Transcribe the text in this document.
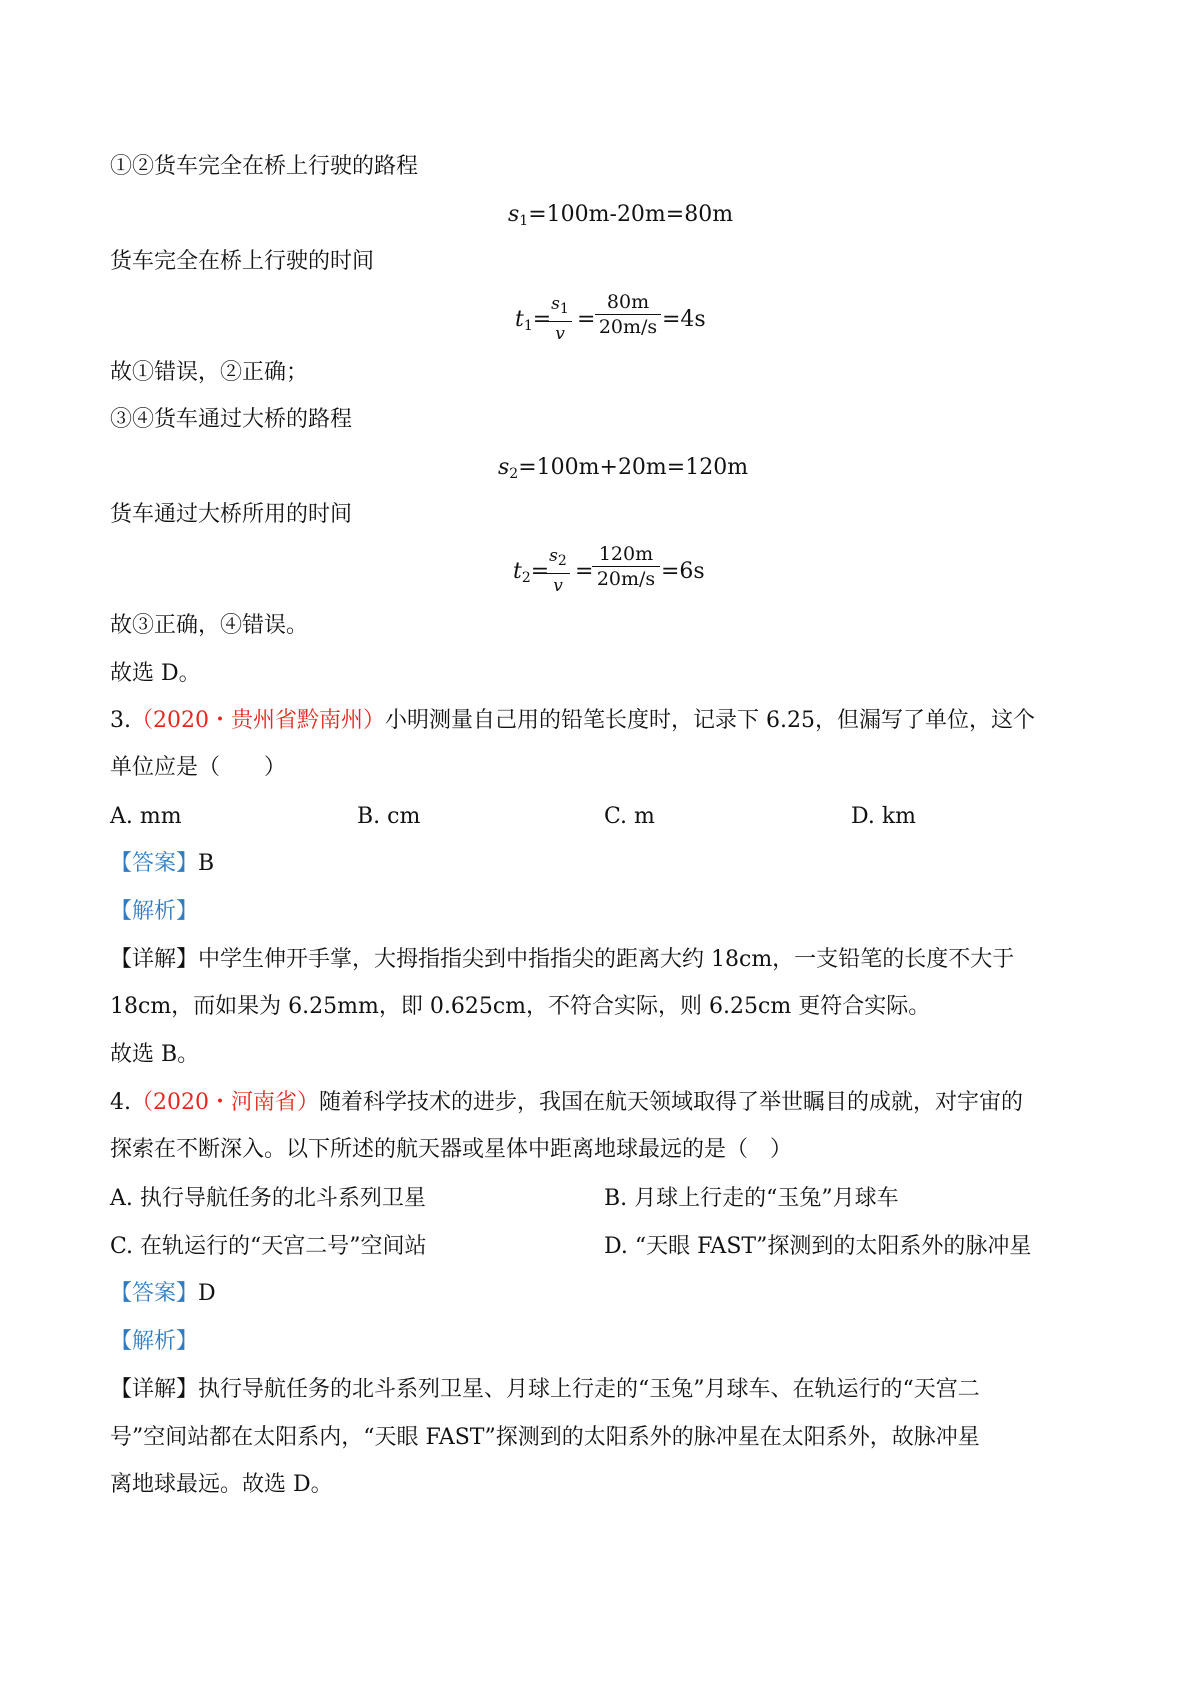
①②货车完全在桥上行驶的路程
$s_1=100m-20m=80m$
货车完全在桥上行驶的时间
$t_1=$
$s_1$
v
=
80m
20m/s =4s
故①错误，②正确；
③④货车通过大桥的路程
$s_2=100m+20m=120m$
货车通过大桥所用的时间
$t_2=$
$s_2$
v
=
120m
20m/s =6s
故③正确，④错误。
故选 D。
3.（2020・贵州省黔南州）小明测量自己用的铅笔长度时，记录下 6.25，但漏写了单位，这个
单位应是（　　）
A. mm	B. cm	C. m	D. km
【答案】B
【解析】
【详解】中学生伸开手掌，大拇指指尖到中指指尖的距离大约 18cm，一支铅笔的长度不大于
18cm，而如果为 6.25mm，即 0.625cm，不符合实际，则 6.25cm 更符合实际。
故选 B。
4.（2020・河南省）随着科学技术的进步，我国在航天领域取得了举世瞩目的成就，对宇宙的
探索在不断深入。以下所述的航天器或星体中距离地球最远的是（　）
A. 执行导航任务的北斗系列卫星	B. 月球上行走的“玉兔”月球车
C. 在轨运行的“天宫二号”空间站	D. “天眼 FAST”探测到的太阳系外的脉冲星
【答案】D
【解析】
【详解】执行导航任务的北斗系列卫星、月球上行走的“玉兔”月球车、在轨运行的“天宫二
号”空间站都在太阳系内，“天眼 FAST”探测到的太阳系外的脉冲星在太阳系外，故脉冲星
离地球最远。故选 D。
